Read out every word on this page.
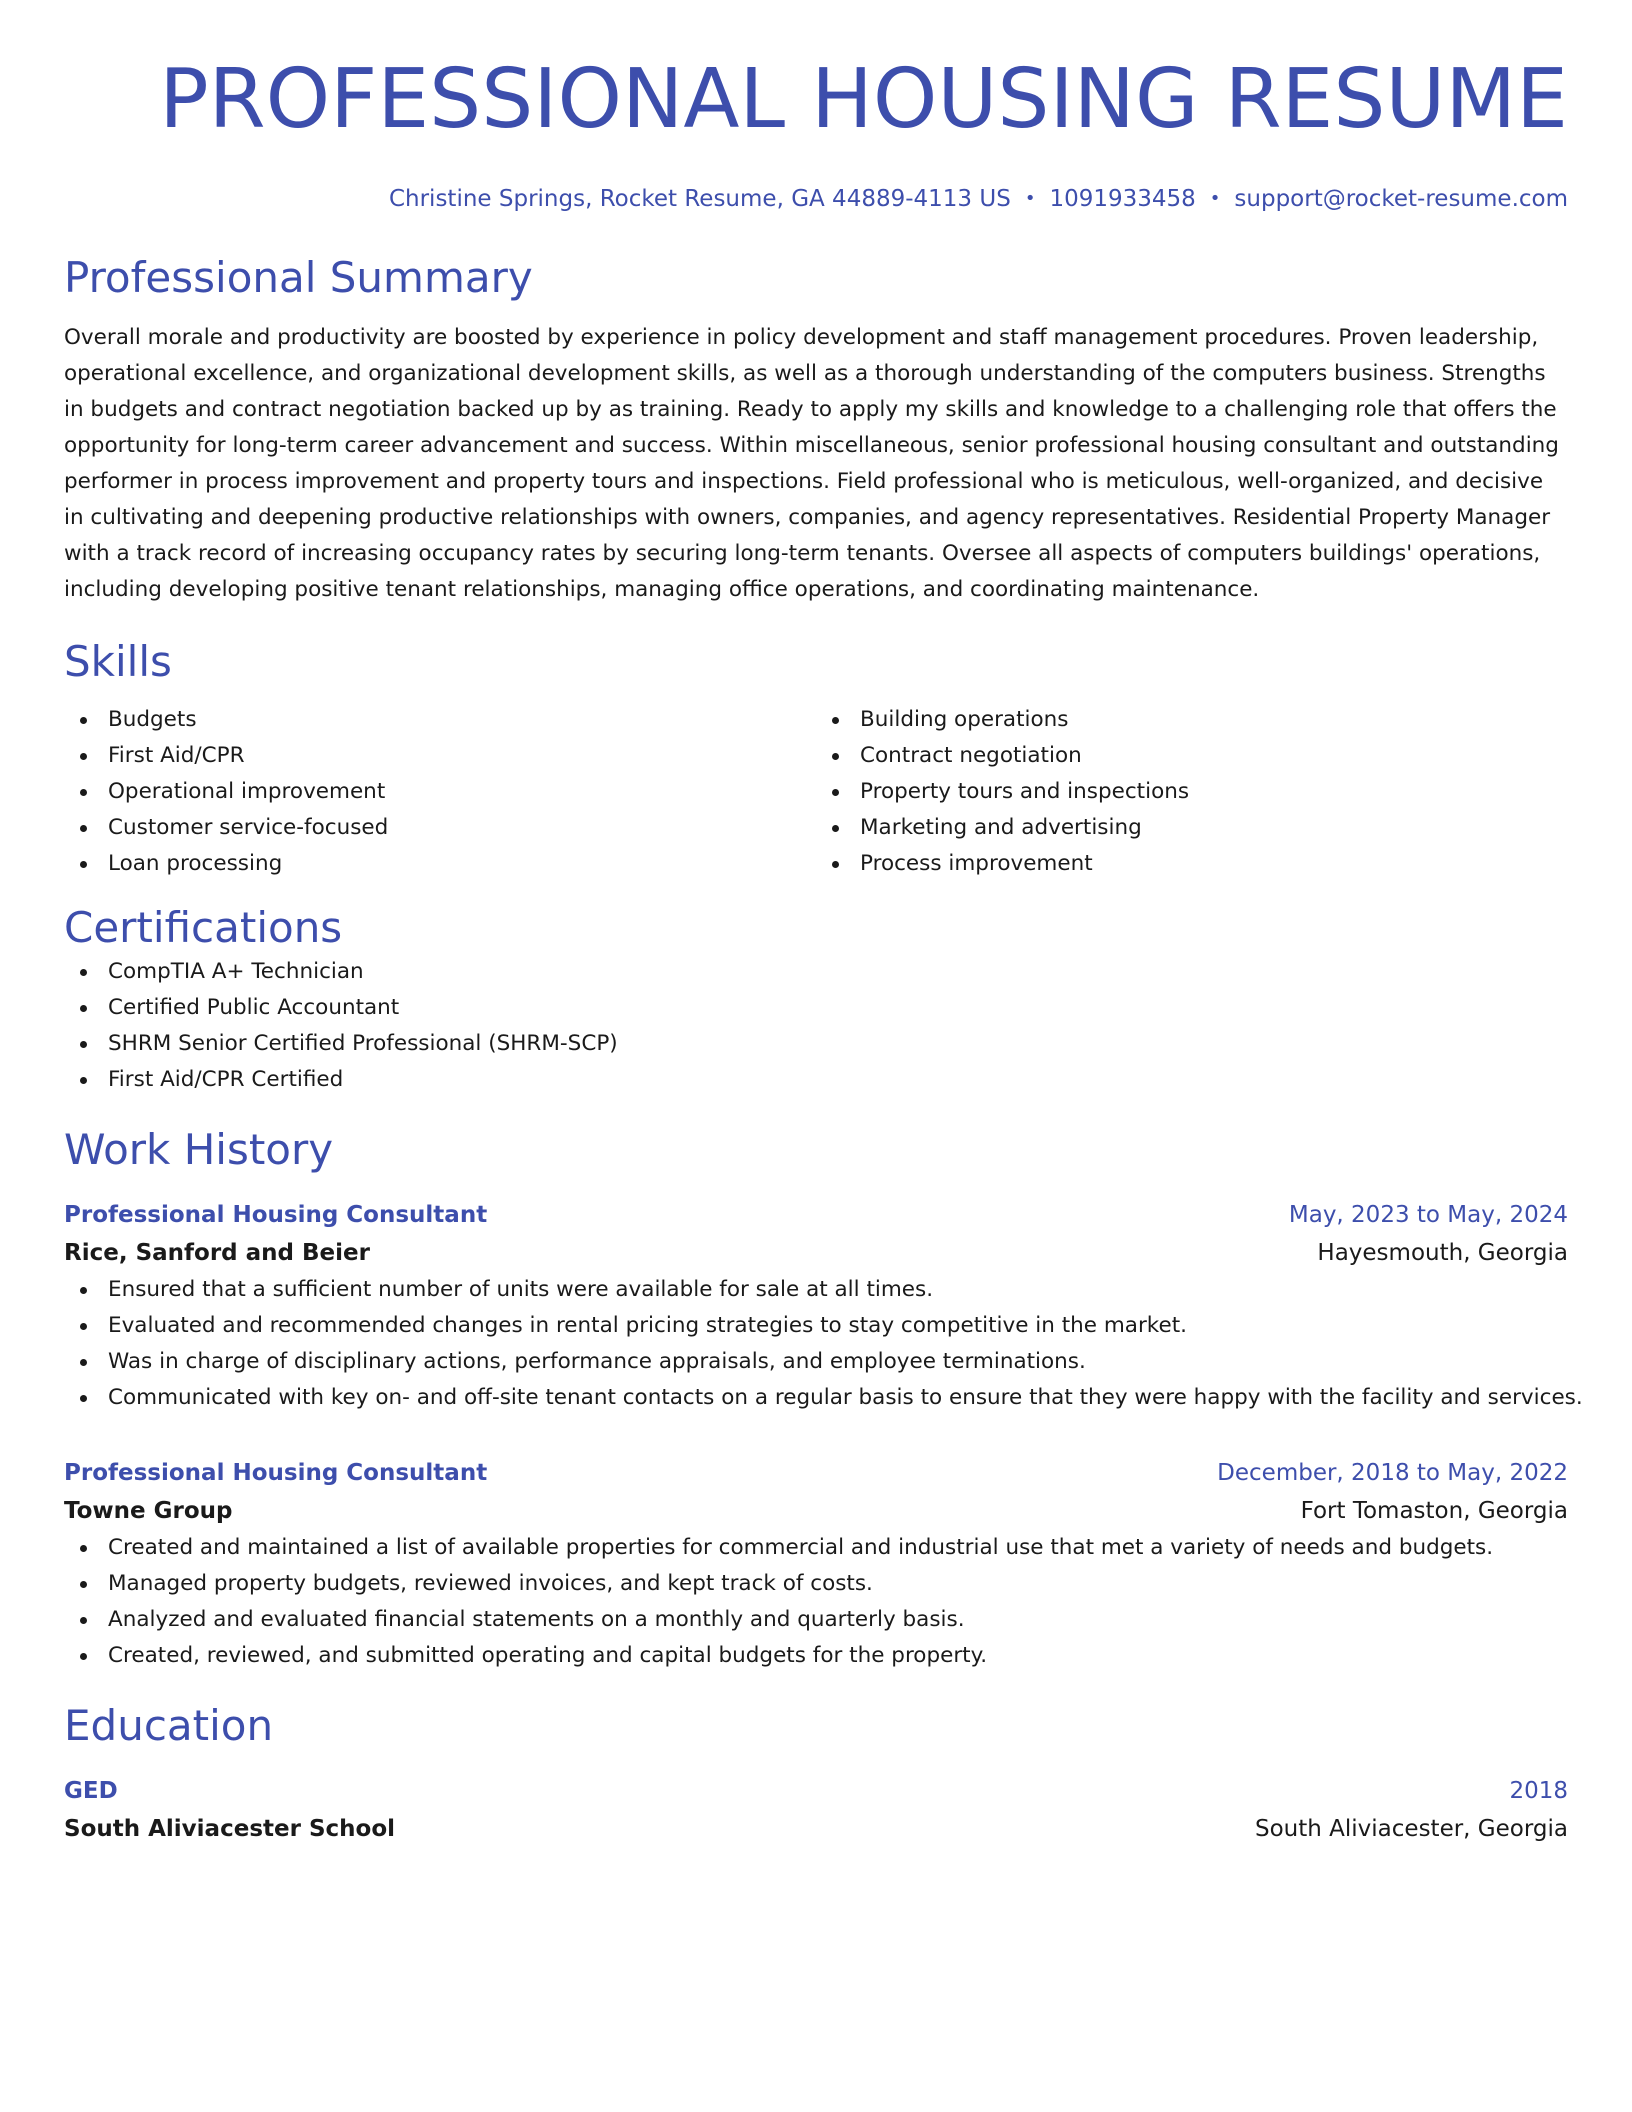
PROFESSIONAL HOUSING RESUME
Christine Springs, Rocket Resume, GA 44889-4113 US • 1091933458 • support@rocket-resume.com
Professional Summary

Overall morale and productivity are boosted by experience in policy development and staff management procedures. Proven leadership, operational excellence, and organizational development skills, as well as a thorough understanding of the computers business. Strengths in budgets and contract negotiation backed up by as training. Ready to apply my skills and knowledge to a challenging role that offers the opportunity for long-term career advancement and success. Within miscellaneous, senior professional housing consultant and outstanding performer in process improvement and property tours and inspections. Field professional who is meticulous, well-organized, and decisive in cultivating and deepening productive relationships with owners, companies, and agency representatives. Residential Property Manager with a track record of increasing occupancy rates by securing long-term tenants. Oversee all aspects of computers buildings' operations, including developing positive tenant relationships, managing office operations, and coordinating maintenance.

Skills
Budgets
First Aid/CPR
Operational improvement
Customer service-focused
Loan processing
Building operations
Contract negotiation
Property tours and inspections
Marketing and advertising
Process improvement
Certifications
CompTIA A+ Technician
Certified Public Accountant
SHRM Senior Certified Professional (SHRM-SCP)
First Aid/CPR Certified
Work History
Professional Housing Consultant	May, 2023 to May, 2024
Rice, Sanford and Beier	Hayesmouth, Georgia
Ensured that a sufficient number of units were available for sale at all times.
Evaluated and recommended changes in rental pricing strategies to stay competitive in the market.
Was in charge of disciplinary actions, performance appraisals, and employee terminations.
Communicated with key on- and off-site tenant contacts on a regular basis to ensure that they were happy with the facility and services.
Professional Housing Consultant	December, 2018 to May, 2022
Towne Group	Fort Tomaston, Georgia
Created and maintained a list of available properties for commercial and industrial use that met a variety of needs and budgets.
Managed property budgets, reviewed invoices, and kept track of costs.
Analyzed and evaluated financial statements on a monthly and quarterly basis.
Created, reviewed, and submitted operating and capital budgets for the property.
Education
GED	2018
South Aliviacester School	South Aliviacester, Georgia
